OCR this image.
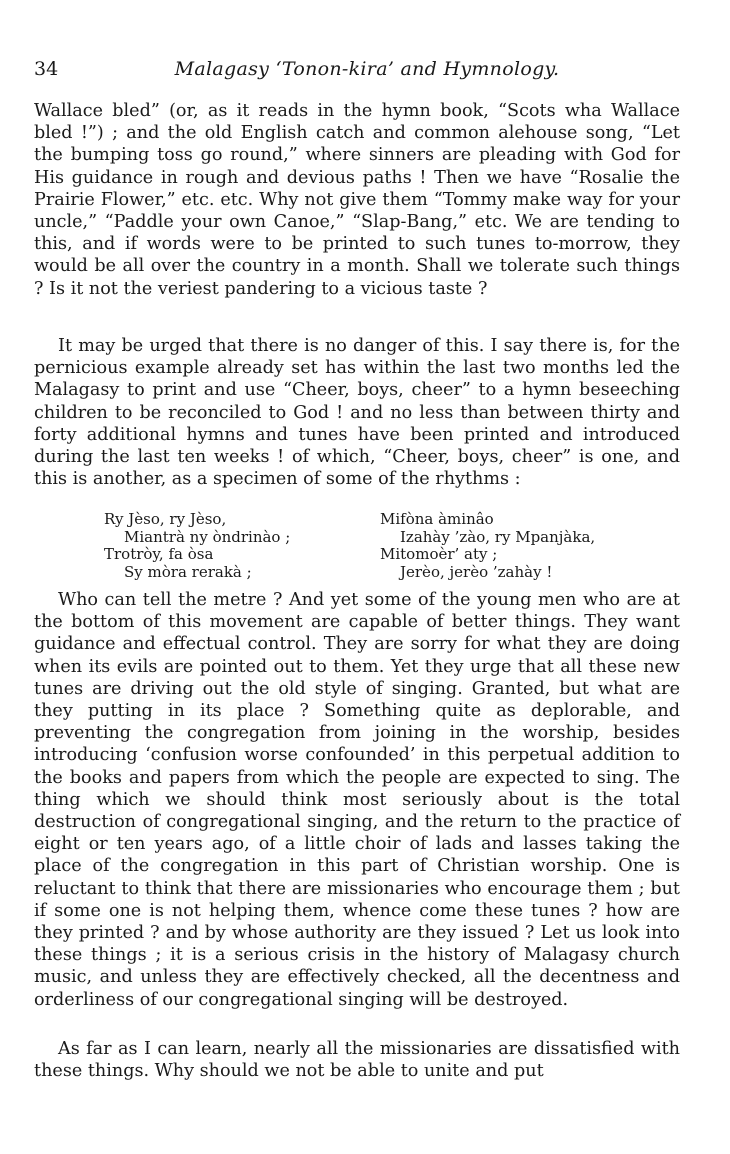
34	Malagasy ‘Tonon-kira’ and Hymnology.

Wallace bled” (or, as it reads in the hymn book, “Scots wha Wallace bled !”) ; and the old English catch and common alehouse song, “Let the bumping toss go round,” where sinners are pleading with God for His guidance in rough and devious paths ! Then we have “Rosalie the Prairie Flower,” etc. etc. Why not give them “Tommy make way for your uncle,” “Paddle your own Canoe,” “Slap-Bang,” etc. We are tending to this, and if words were to be printed to such tunes to-morrow, they would be all over the country in a month. Shall we tolerate such things ? Is it not the veriest pandering to a vicious taste ?

It may be urged that there is no danger of this. I say there is, for the pernicious example already set has within the last two months led the Malagasy to print and use “Cheer, boys, cheer” to a hymn beseeching children to be reconciled to God ! and no less than between thirty and forty additional hymns and tunes have been printed and introduced during the last ten weeks ! of which, “Cheer, boys, cheer” is one, and this is another, as a specimen of some of the rhythms :

Ry Jèso, ry Jèso,
Miantrà ny òndrinào ;
Trotròy, fa òsa
Sy mòra rerakà ;
Mifòna àminâo
Izahày ’zào, ry Mpanjàka,
Mitomoèr’ aty ;
Jerèo, jerèo ’zahày !

Who can tell the metre ? And yet some of the young men who are at the bottom of this movement are capable of better things. They want guidance and effectual control. They are sorry for what they are doing when its evils are pointed out to them. Yet they urge that all these new tunes are driving out the old style of singing. Granted, but what are they putting in its place ? Something quite as deplorable, and preventing the congregation from joining in the worship, besides introducing ‘confusion worse confounded’ in this perpetual addition to the books and papers from which the people are expected to sing. The thing which we should think most seriously about is the total destruction of congregational singing, and the return to the practice of eight or ten years ago, of a little choir of lads and lasses taking the place of the congregation in this part of Christian worship. One is reluctant to think that there are missionaries who encourage them ; but if some one is not helping them, whence come these tunes ? how are they printed ? and by whose authority are they issued ? Let us look into these things ; it is a serious crisis in the history of Malagasy church music, and unless they are effectively checked, all the decentness and orderliness of our congregational singing will be destroyed.

As far as I can learn, nearly all the missionaries are dissatisfied with these things. Why should we not be able to unite and put
